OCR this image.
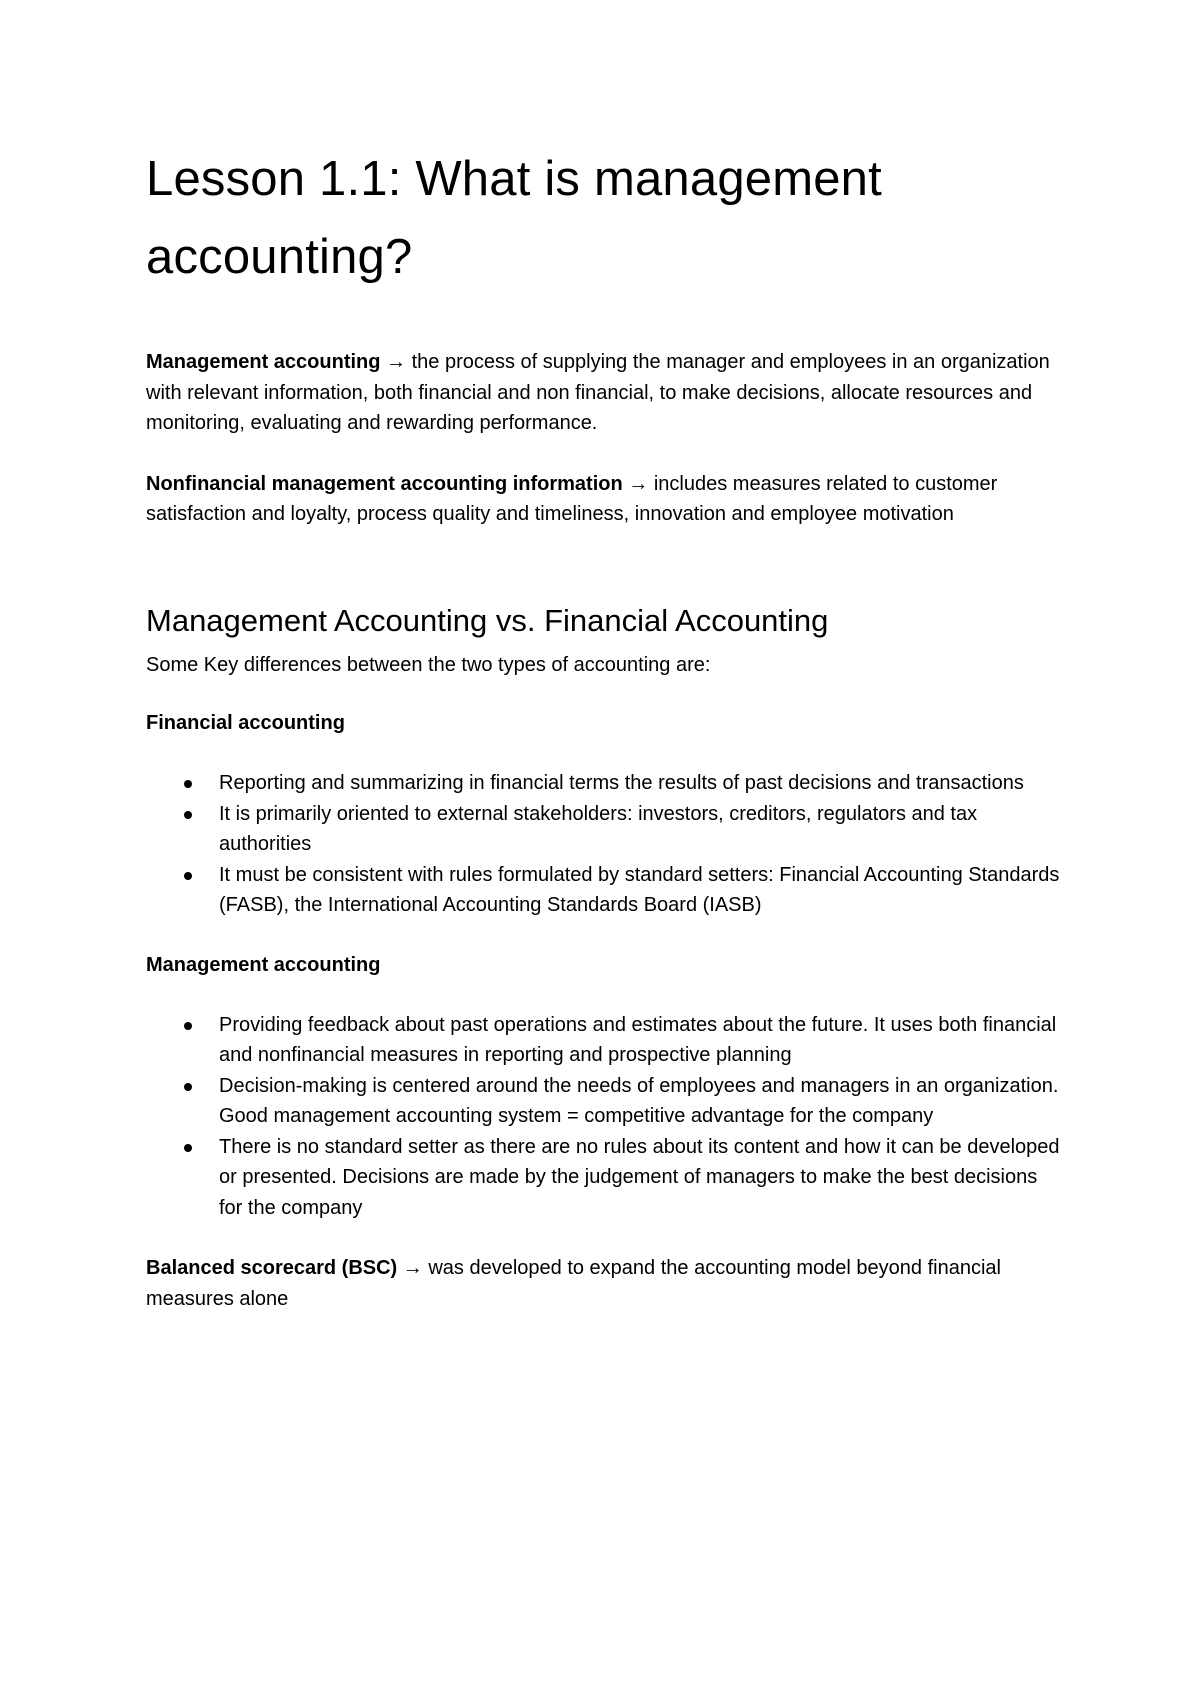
Lesson 1.1: What is management accounting?

Management accounting → the process of supplying the manager and employees in an organization with relevant information, both financial and non financial, to make decisions, allocate resources and monitoring, evaluating and rewarding performance.

Nonfinancial management accounting information → includes measures related to customer satisfaction and loyalty, process quality and timeliness, innovation and employee motivation

Management Accounting vs. Financial Accounting

Some Key differences between the two types of accounting are:

Financial accounting

Reporting and summarizing in financial terms the results of past decisions and transactions
It is primarily oriented to external stakeholders: investors, creditors, regulators and tax authorities
It must be consistent with rules formulated by standard setters: Financial Accounting Standards (FASB), the International Accounting Standards Board (IASB)

Management accounting

Providing feedback about past operations and estimates about the future. It uses both financial and nonfinancial measures in reporting and prospective planning
Decision-making is centered around the needs of employees and managers in an organization. Good management accounting system = competitive advantage for the company
There is no standard setter as there are no rules about its content and how it can be developed or presented. Decisions are made by the judgement of managers to make the best decisions for the company

Balanced scorecard (BSC) → was developed to expand the accounting model beyond financial measures alone
